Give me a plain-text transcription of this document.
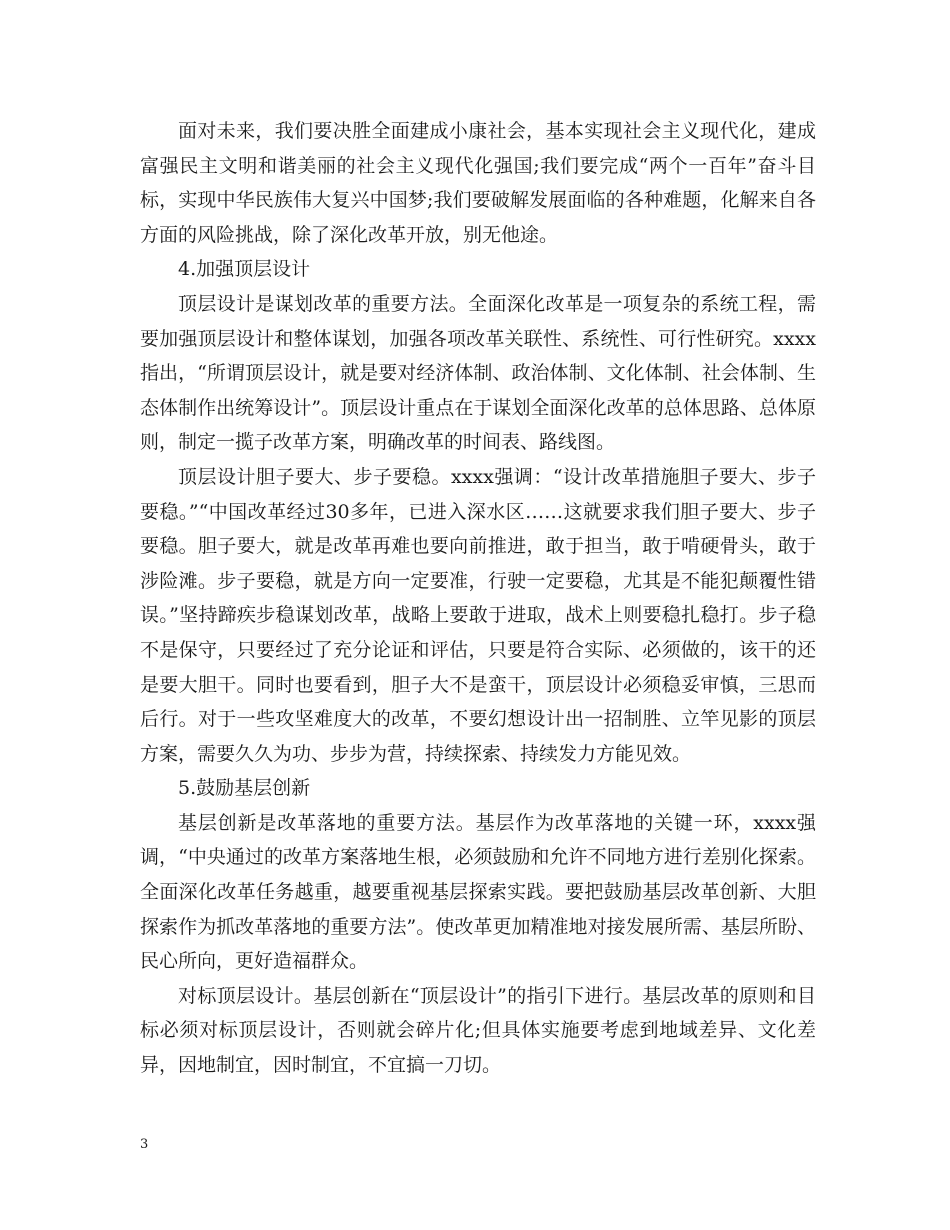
面对未来，我们要决胜全面建成小康社会，基本实现社会主义现代化，建成富强民主文明和谐美丽的社会主义现代化强国;我们要完成“两个一百年”奋斗目标，实现中华民族伟大复兴中国梦;我们要破解发展面临的各种难题，化解来自各方面的风险挑战，除了深化改革开放，别无他途。

4.加强顶层设计

顶层设计是谋划改革的重要方法。全面深化改革是一项复杂的系统工程，需要加强顶层设计和整体谋划，加强各项改革关联性、系统性、可行性研究。xxxx指出，“所谓顶层设计，就是要对经济体制、政治体制、文化体制、社会体制、生态体制作出统筹设计”。顶层设计重点在于谋划全面深化改革的总体思路、总体原则，制定一揽子改革方案，明确改革的时间表、路线图。

顶层设计胆子要大、步子要稳。xxxx强调：“设计改革措施胆子要大、步子要稳。”“中国改革经过30多年，已进入深水区……这就要求我们胆子要大、步子要稳。胆子要大，就是改革再难也要向前推进，敢于担当，敢于啃硬骨头，敢于涉险滩。步子要稳，就是方向一定要准，行驶一定要稳，尤其是不能犯颠覆性错误。”坚持蹄疾步稳谋划改革，战略上要敢于进取，战术上则要稳扎稳打。步子稳不是保守，只要经过了充分论证和评估，只要是符合实际、必须做的，该干的还是要大胆干。同时也要看到，胆子大不是蛮干，顶层设计必须稳妥审慎，三思而后行。对于一些攻坚难度大的改革，不要幻想设计出一招制胜、立竿见影的顶层方案，需要久久为功、步步为营，持续探索、持续发力方能见效。

5.鼓励基层创新

基层创新是改革落地的重要方法。基层作为改革落地的关键一环，xxxx强调，“中央通过的改革方案落地生根，必须鼓励和允许不同地方进行差别化探索。全面深化改革任务越重，越要重视基层探索实践。要把鼓励基层改革创新、大胆探索作为抓改革落地的重要方法”。使改革更加精准地对接发展所需、基层所盼、民心所向，更好造福群众。

对标顶层设计。基层创新在“顶层设计”的指引下进行。基层改革的原则和目标必须对标顶层设计，否则就会碎片化;但具体实施要考虑到地域差异、文化差异，因地制宜，因时制宜，不宜搞一刀切。

3
